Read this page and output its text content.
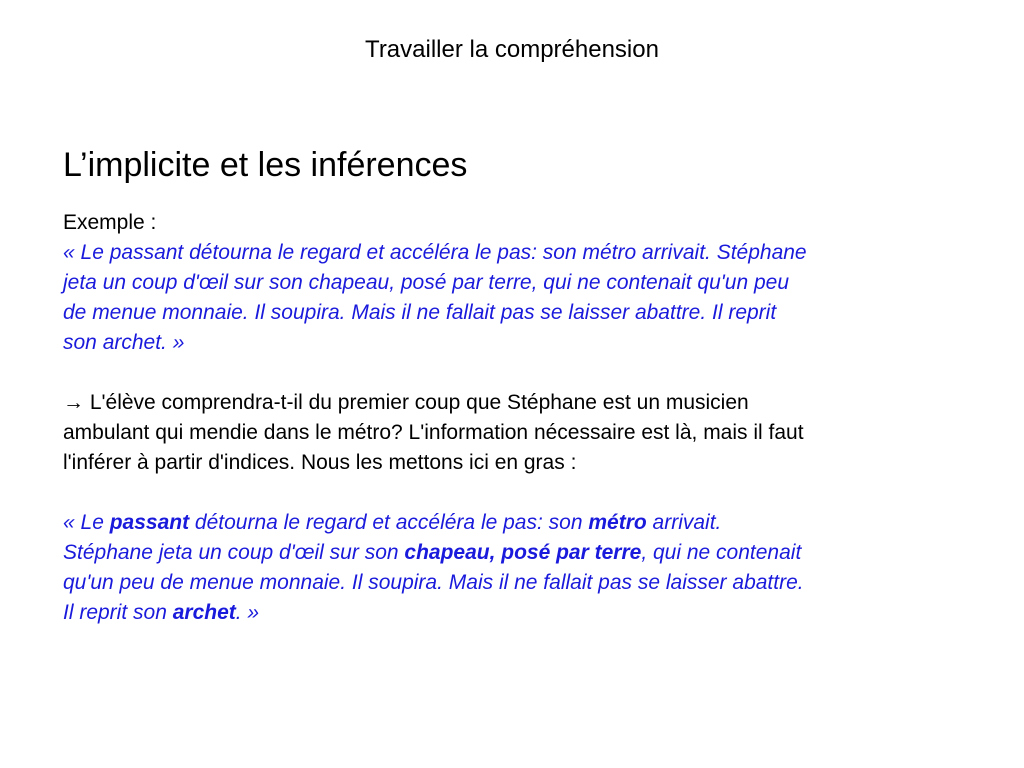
Travailler la compréhension
L’implicite et les inférences

Exemple :

« Le passant détourna le regard et accéléra le pas: son métro arrivait. Stéphane
jeta un coup d'œil sur son chapeau, posé par terre, qui ne contenait qu'un peu
de menue monnaie. Il soupira. Mais il ne fallait pas se laisser abattre. Il reprit
son archet. »

→ L'élève comprendra-t-il du premier coup que Stéphane est un musicien
ambulant qui mendie dans le métro? L'information nécessaire est là, mais il faut
l'inférer à partir d'indices. Nous les mettons ici en gras :

« Le passant détourna le regard et accéléra le pas: son métro arrivait.
Stéphane jeta un coup d'œil sur son chapeau, posé par terre, qui ne contenait
qu'un peu de menue monnaie. Il soupira. Mais il ne fallait pas se laisser abattre.
Il reprit son archet. »
